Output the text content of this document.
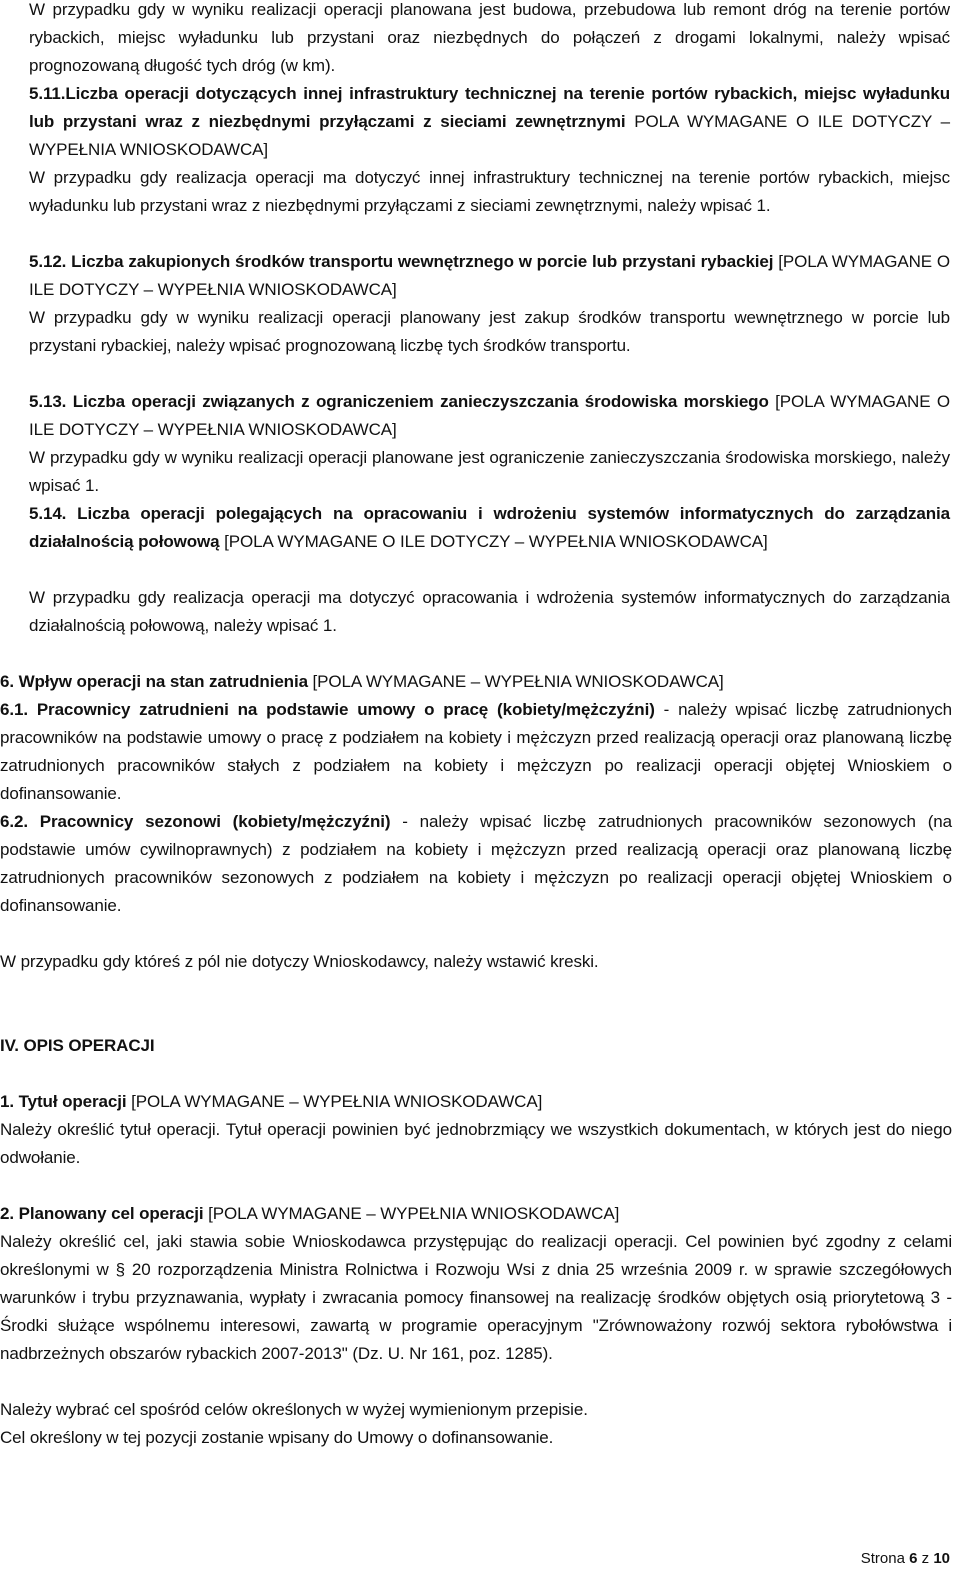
W przypadku gdy w wyniku realizacji operacji planowana jest budowa, przebudowa lub remont dróg na terenie portów rybackich, miejsc wyładunku lub przystani oraz niezbędnych do połączeń z drogami lokalnymi, należy wpisać prognozowaną długość tych dróg (w km).

5.11.Liczba operacji dotyczących innej infrastruktury technicznej na terenie portów rybackich, miejsc wyładunku lub przystani wraz z niezbędnymi przyłączami z sieciami zewnętrznymi POLA WYMAGANE O ILE DOTYCZY – WYPEŁNIA WNIOSKODAWCA]

W przypadku gdy realizacja operacji ma dotyczyć innej infrastruktury technicznej na terenie portów rybackich, miejsc wyładunku lub przystani wraz z niezbędnymi przyłączami z sieciami zewnętrznymi, należy wpisać 1.

5.12. Liczba zakupionych środków transportu wewnętrznego w porcie lub przystani rybackiej [POLA WYMAGANE O ILE DOTYCZY – WYPEŁNIA WNIOSKODAWCA]

W przypadku gdy w wyniku realizacji operacji planowany jest zakup środków transportu wewnętrznego w porcie lub przystani rybackiej, należy wpisać prognozowaną liczbę tych środków transportu.

5.13. Liczba operacji związanych z ograniczeniem zanieczyszczania środowiska morskiego [POLA WYMAGANE O ILE DOTYCZY – WYPEŁNIA WNIOSKODAWCA]

W przypadku gdy w wyniku realizacji operacji planowane jest ograniczenie zanieczyszczania środowiska morskiego, należy wpisać 1.

5.14. Liczba operacji polegających na opracowaniu i wdrożeniu systemów informatycznych do zarządzania działalnością połowową [POLA WYMAGANE O ILE DOTYCZY – WYPEŁNIA WNIOSKODAWCA]

W przypadku gdy realizacja operacji ma dotyczyć opracowania i wdrożenia systemów informatycznych do zarządzania działalnością połowową, należy wpisać 1.

6. Wpływ operacji na stan zatrudnienia [POLA WYMAGANE – WYPEŁNIA WNIOSKODAWCA]

6.1. Pracownicy zatrudnieni na podstawie umowy o pracę (kobiety/mężczyźni) - należy wpisać liczbę zatrudnionych pracowników na podstawie umowy o pracę z podziałem na kobiety i mężczyzn przed realizacją operacji oraz planowaną liczbę zatrudnionych pracowników stałych z podziałem na kobiety i mężczyzn po realizacji operacji objętej Wnioskiem o dofinansowanie.

6.2. Pracownicy sezonowi (kobiety/mężczyźni) - należy wpisać liczbę zatrudnionych pracowników sezonowych (na podstawie umów cywilnoprawnych) z podziałem na kobiety i mężczyzn przed realizacją operacji oraz planowaną liczbę zatrudnionych pracowników sezonowych z podziałem na kobiety i mężczyzn po realizacji operacji objętej Wnioskiem o dofinansowanie.

W przypadku gdy któreś z pól nie dotyczy Wnioskodawcy, należy wstawić kreski.

IV. OPIS OPERACJI

1. Tytuł operacji [POLA WYMAGANE – WYPEŁNIA WNIOSKODAWCA]

Należy określić tytuł operacji. Tytuł operacji powinien być jednobrzmiący we wszystkich dokumentach, w których jest do niego odwołanie.

2. Planowany cel operacji [POLA WYMAGANE – WYPEŁNIA WNIOSKODAWCA]

Należy określić cel, jaki stawia sobie Wnioskodawca przystępując do realizacji operacji. Cel powinien być zgodny z celami określonymi w § 20 rozporządzenia Ministra Rolnictwa i Rozwoju Wsi z dnia 25 września 2009 r. w sprawie szczegółowych warunków i trybu przyznawania, wypłaty i zwracania pomocy finansowej na realizację środków objętych osią priorytetową 3 - Środki służące wspólnemu interesowi, zawartą w programie operacyjnym "Zrównoważony rozwój sektora rybołówstwa i nadbrzeżnych obszarów rybackich 2007-2013" (Dz. U. Nr 161, poz. 1285).

Należy wybrać cel spośród celów określonych w wyżej wymienionym przepisie.

Cel określony w tej pozycji zostanie wpisany do Umowy o dofinansowanie.

Strona 6 z 10
